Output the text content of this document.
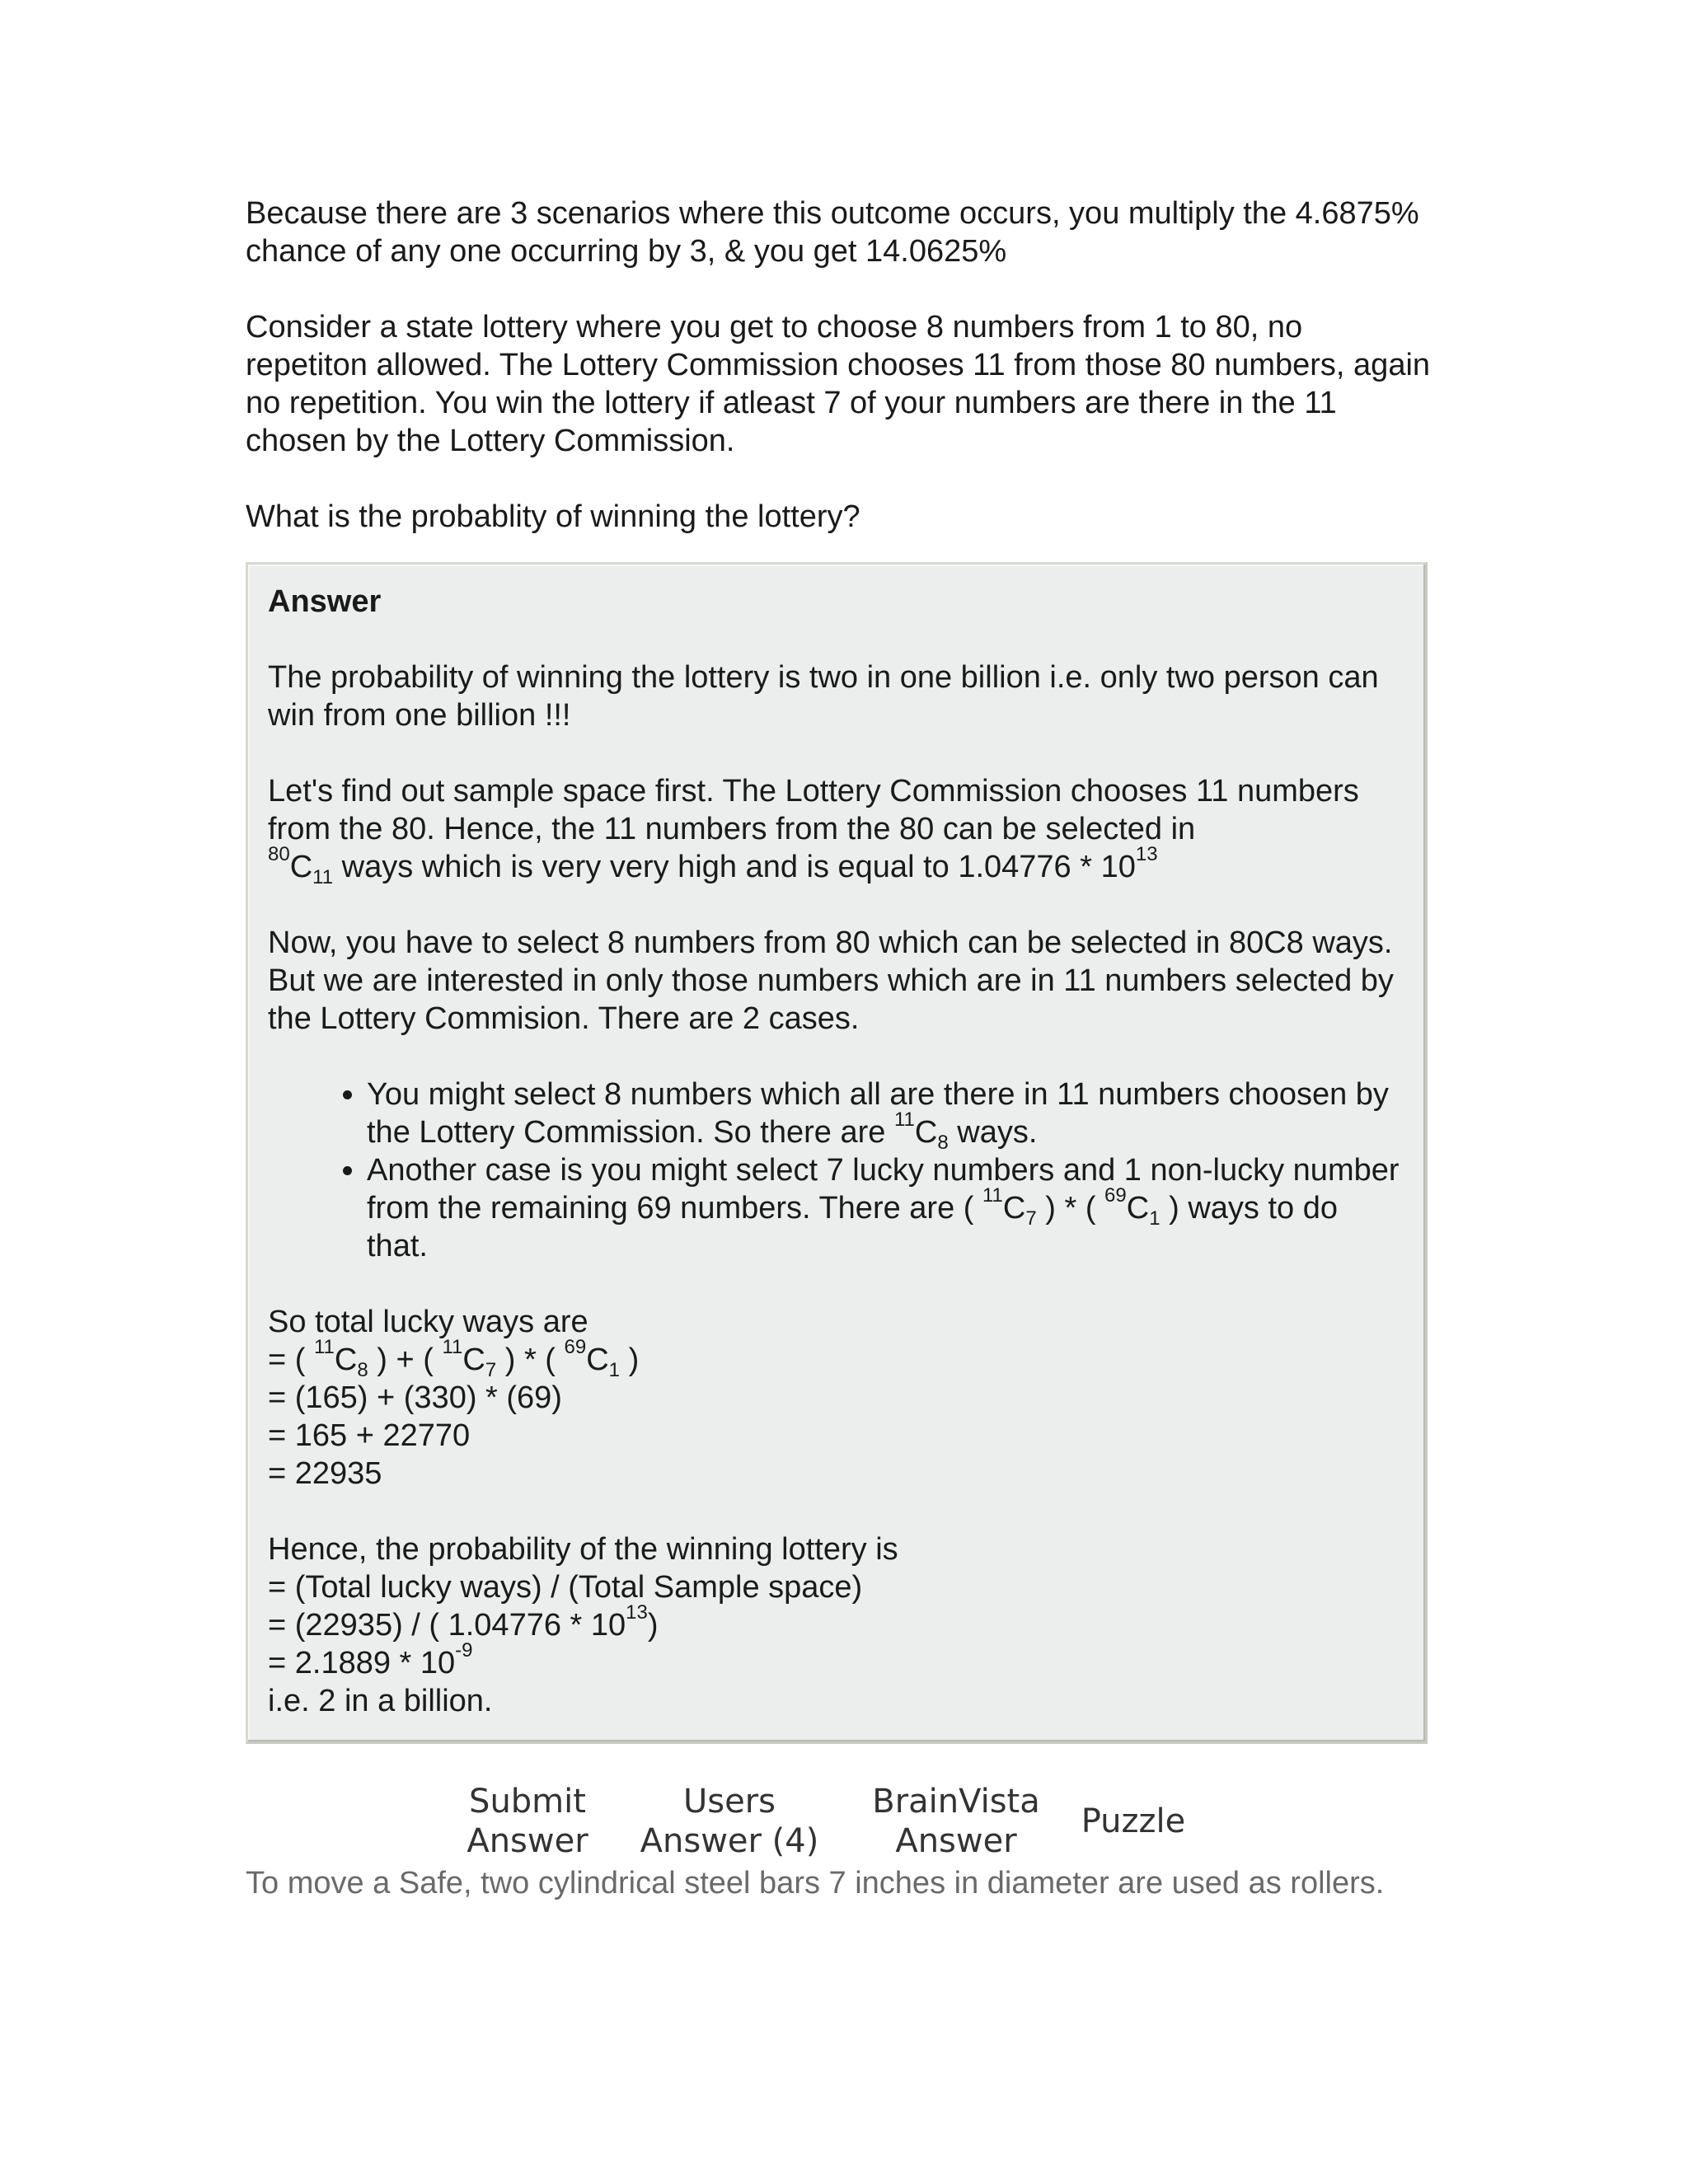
Because there are 3 scenarios where this outcome occurs, you multiply the 4.6875% chance of any one occurring by 3, & you get 14.0625%

Consider a state lottery where you get to choose 8 numbers from 1 to 80, no repetiton allowed. The Lottery Commission chooses 11 from those 80 numbers, again no repetition. You win the lottery if atleast 7 of your numbers are there in the 11 chosen by the Lottery Commission.

What is the probablity of winning the lottery?

Answer

The probability of winning the lottery is two in one billion i.e. only two person can win from one billion !!!

Let's find out sample space first. The Lottery Commission chooses 11 numbers from the 80. Hence, the 11 numbers from the 80 can be selected in
$^{80}C_{11}$ ways which is very very high and is equal to $1.04776 * 10^{13}$

Now, you have to select 8 numbers from 80 which can be selected in 80C8 ways. But we are interested in only those numbers which are in 11 numbers selected by the Lottery Commision. There are 2 cases.

• You might select 8 numbers which all are there in 11 numbers choosen by the Lottery Commission. So there are $^{11}C_8$ ways.
• Another case is you might select 7 lucky numbers and 1 non-lucky number from the remaining 69 numbers. There are ( $^{11}C_7$ ) * ( $^{69}C_1$ ) ways to do that.

So total lucky ways are

= ( $^{11}C_8$ ) + ( $^{11}C_7$ ) * ( $^{69}C_1$ )

= (165) + (330) * (69)

= 165 + 22770

= 22935

Hence, the probability of the winning lottery is

= (Total lucky ways) / (Total Sample space)

= (22935) / ( $1.04776 * 10^{13}$)

= $2.1889 * 10^{-9}$

i.e. 2 in a billion.

Submit
Answer
Users
Answer (4)
BrainVista
Answer
Puzzle

To move a Safe, two cylindrical steel bars 7 inches in diameter are used as rollers.
